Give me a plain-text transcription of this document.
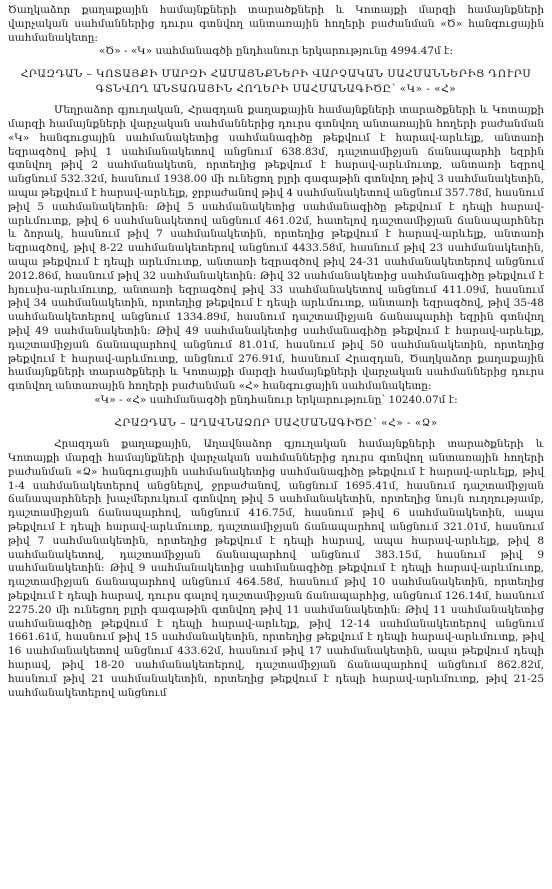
Ծաղկաձոր քաղաքային համայնքների տարածքների և Կոտայքի մարզի համայնքների վարչական սահմաններից դուրս գտնվող անտառային հողերի բաժանման «Ծ» հանգուցային սահմանակետը:

«Ծ» - «Կ» սահմանագծի ընդհանուր երկարությունը 4994.47մ է:

ՀՐԱԶԴԱՆ – ԿՈՏԱՅՔԻ ՄԱՐԶԻ ՀԱՄԱՅՆՔՆԵՐԻ ՎԱՐՉԱԿԱՆ ՍԱՀՄԱՆՆԵՐԻՑ ԴՈՒՐՍ
ԳՏՆՎՈՂ ԱՆՏԱՌԱՅԻՆ ՀՈՂԵՐԻ ՍԱՀՄԱՆԱԳԻԾԸ՝ «Կ» - «Հ»

Մեղրաձոր գյուղական, Հրազդան քաղաքային համայնքների տարածքների և Կոտայքի մարզի համայնքների վարչական սահմաններից դուրս գտնվող անտառային հողերի բաժանման «Կ» հանգուցային սահմանակետից սահմանագիծը թեքվում է հարավ-արևելք, անտառի եզրագծով թիվ 1 սահմանակետով անցնում 638.83մ, դաշտամիջյան ճանապարհի եզրին գտնվող թիվ 2 սահմանակետն, որտեղից թեքվում է հարավ-արևմուտք, անտառի եզրով անցնում 532.32մ, հասնում 1938.00 մի ունեցող բլրի գագաթին գտնվող թիվ 3 սահմանակետին, ապա թեքվում է հարավ-արևելք, ջրբաժանով թիվ 4 սահմանակետով անցնում 357.78մ, հասնում թիվ 5 սահմանակետին: Թիվ 5 սահմանակետից սահմանագիծը թեքվում է դեպի հարավ-արևմուտք, թիվ 6 սահմանակետով անցնում 461.02մ, հատելով դաշտամիջյան ճանապարհներ և ձորակ, հասնում թիվ 7 սահմանակետին, որտեղից թեքվում է հարավ-արևելք, անտառի եզրագծով, թիվ 8-22 սահմանակետերով անցնում 4433.58մ, հասնում թիվ 23 սահմանակետին, ապա թեքվում է դեպի արևմուտք, անտառի եզրագծով թիվ 24-31 սահմանակետերով անցնում 2012.86մ, հասնում թիվ 32 սահմանակետին: Թիվ 32 սահմանակետից սահմանագիծը թեքվում է հյուսիս-արևմուտք, անտառի եզրագծով թիվ 33 սահմանակետով անցնում 411.09մ, հասնում թիվ 34 սահմանակետին, որտեղից թեքվում է դեպի արևմուտք, անտառի եզրագծով, թիվ 35-48 սահմանակետերով անցնում 1334.89մ, հասնում դաշտամիջյան ճանապարհի եզրին գտնվող թիվ 49 սահմանակետին: Թիվ 49 սահմանակետից սահմանագիծը թեքվում է հարավ-արևելք, դաշտամիջյան ճանապարհով անցնում 81.01մ, հասնում թիվ 50 սահմանակետին, որտեղից թեքվում է հարավ-արևմուտք, անցնում 276.91մ, հասնում Հրազդան, Ծաղկաձոր քաղաքային համայնքների տարածքների և Կոտայքի մարզի համայնքների վարչական սահմաններից դուրս գտնվող անտառային հողերի բաժանման «Հ» հանգուցային սահմանակետը:

«Կ» - «Հ» սահմանագծի ընդհանուր երկարությունը՝ 10240.07մ է:

ՀՐԱԶԴԱՆ – ԱՂԱՎՆԱՁՈՐ ՍԱՀՄԱՆԱԳԻԾԸ՝ «Հ» - «Ձ»

Հրազդան քաղաքային, Աղավնաձոր գյուղական համայնքների տարածքների և Կոտայքի մարզի համայնքների վարչական սահմաններից դուրս գտնվող անտառային հողերի բաժանման «Ձ» հանգուցային սահմանակետից սահմանագիծը թեքվում է հարավ-արևելք, թիվ 1-4 սահմանակետերով անցնելով, ջրբաժանով, անցնում 1695.41մ, հասնում դաշտամիջյան ճանապարհների խաչմերուկում գտնվող թիվ 5 սահմանակետին, որտեղից նույն ուղղությամբ, դաշտամիջյան ճանապարհով, անցնում 416.75մ, հասնում թիվ 6 սահմանակետին, ապա թեքվում է դեպի հարավ-արևմուտք, դաշտամիջյան ճանապարհով անցնում 321.01մ, հասնում թիվ 7 սահմանակետին, որտեղից թեքվում է դեպի հարավ, ապա հարավ-արևելք, թիվ 8 սահմանակետով, դաշտամիջյան ճանապարհով անցնում 383.15մ, հասնում թիվ 9 սահմանակետին: Թիվ 9 սահմանակետից սահմանագիծը թեքվում է դեպի հարավ-արևմուտք, դաշտամիջյան ճանապարհով անցնում 464.58մ, հասնում թիվ 10 սահմանակետին, որտեղից թեքվում է դեպի հարավ, դուրս գալով դաշտամիջյան ճանապարհից, անցնում 126.14մ, հասնում 2275.20 մի ունեցող բլրի գագաթին գտնվող թիվ 11 սահմանակետին: Թիվ 11 սահմանակետից սահմանագիծը թեքվում է դեպի հարավ-արևելք, թիվ 12-14 սահմանակետերով անցնում 1661.61մ, հասնում թիվ 15 սահմանակետին, որտեղից թեքվում է դեպի հարավ-արևմուտք, թիվ 16 սահմանակետով անցնում 433.62մ, հասնում թիվ 17 սահմանակետին, ապա թեքվում դեպի հարավ, թիվ 18-20 սահմանակետերով, դաշտամիջյան ճանապարհով անցնում 862.82մ, հասնում թիվ 21 սահմանակետին, որտեղից թեքվում է դեպի հարավ-արևմուտք, թիվ 21-25 սահմանակետերով անցնում
